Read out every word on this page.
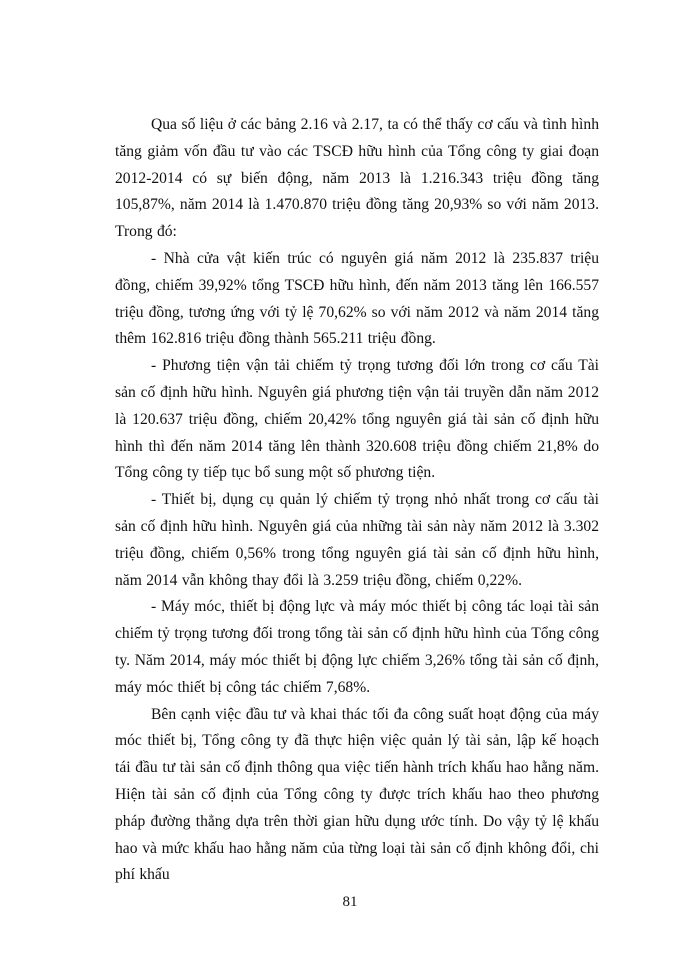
Qua số liệu ở các bảng 2.16 và 2.17, ta có thể thấy cơ cấu và tình hình tăng giảm vốn đầu tư vào các TSCĐ hữu hình của Tổng công ty giai đoạn 2012-2014 có sự biến động, năm 2013 là 1.216.343 triệu đồng tăng 105,87%, năm 2014 là 1.470.870 triệu đồng tăng 20,93% so với năm 2013. Trong đó:

- Nhà cửa vật kiến trúc có nguyên giá năm 2012 là 235.837 triệu đồng, chiếm 39,92% tổng TSCĐ hữu hình, đến năm 2013 tăng lên 166.557 triệu đồng, tương ứng với tỷ lệ 70,62% so với năm 2012 và năm 2014 tăng thêm 162.816 triệu đồng thành 565.211 triệu đồng.

- Phương tiện vận tải chiếm tỷ trọng tương đối lớn trong cơ cấu Tài sản cố định hữu hình. Nguyên giá phương tiện vận tải truyền dẫn năm 2012 là 120.637 triệu đồng, chiếm 20,42% tổng nguyên giá tài sản cố định hữu hình thì đến năm 2014 tăng lên thành 320.608 triệu đồng chiếm 21,8% do Tổng công ty tiếp tục bổ sung một số phương tiện.

- Thiết bị, dụng cụ quản lý chiếm tỷ trọng nhỏ nhất trong cơ cấu tài sản cố định hữu hình. Nguyên giá của những tài sản này năm 2012 là 3.302 triệu đồng, chiếm 0,56% trong tổng nguyên giá tài sản cố định hữu hình, năm 2014 vẫn không thay đổi là 3.259 triệu đồng, chiếm 0,22%.

- Máy móc, thiết bị động lực và máy móc thiết bị công tác loại tài sản chiếm tỷ trọng tương đối trong tổng tài sản cố định hữu hình của Tổng công ty. Năm 2014, máy móc thiết bị động lực chiếm 3,26% tổng tài sản cố định, máy móc thiết bị công tác chiếm 7,68%.

Bên cạnh việc đầu tư và khai thác tối đa công suất hoạt động của máy móc thiết bị, Tổng công ty đã thực hiện việc quản lý tài sản, lập kế hoạch tái đầu tư tài sản cố định thông qua việc tiến hành trích khấu hao hằng năm. Hiện tài sản cố định của Tổng công ty được trích khấu hao theo phương pháp đường thẳng dựa trên thời gian hữu dụng ước tính. Do vậy tỷ lệ khấu hao và mức khấu hao hằng năm của từng loại tài sản cố định không đổi, chi phí khấu

81
